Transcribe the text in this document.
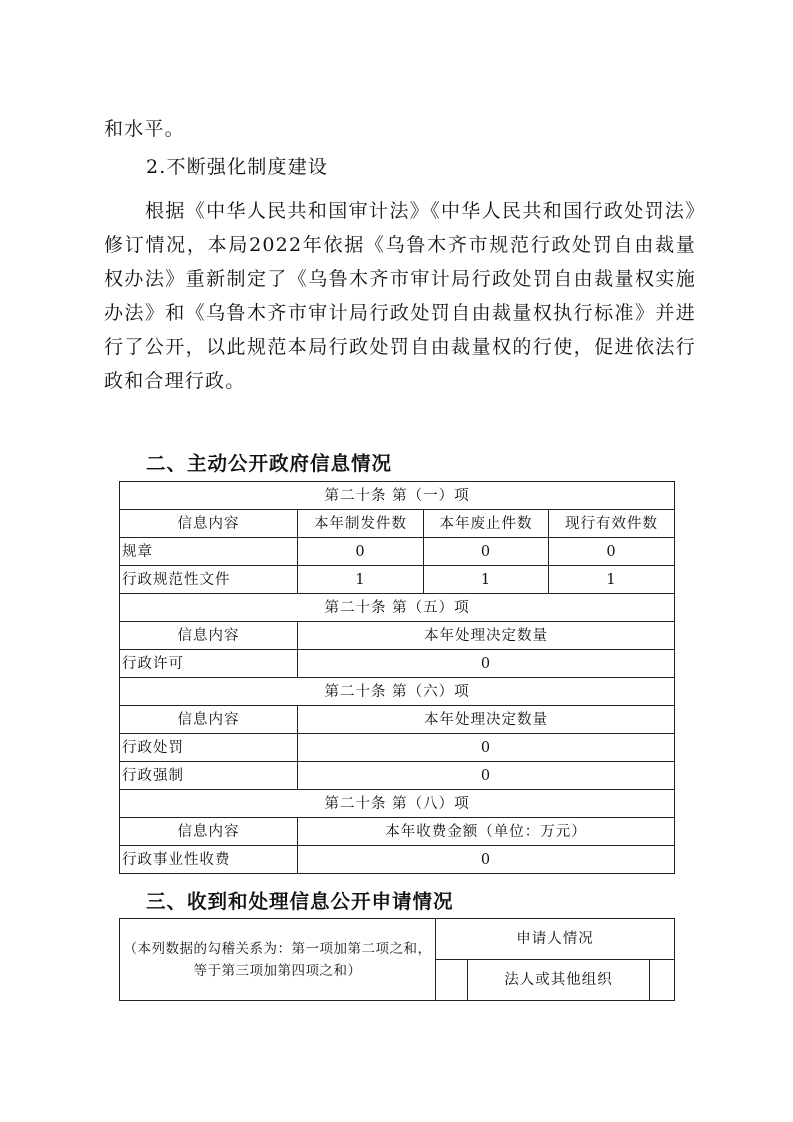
和水平。

2.不断强化制度建设

根据《中华人民共和国审计法》《中华人民共和国行政处罚法》修订情况，本局2022年依据《乌鲁木齐市规范行政处罚自由裁量权办法》重新制定了《乌鲁木齐市审计局行政处罚自由裁量权实施办法》和《乌鲁木齐市审计局行政处罚自由裁量权执行标准》并进行了公开，以此规范本局行政处罚自由裁量权的行使，促进依法行政和合理行政。

二、主动公开政府信息情况

第二十条 第（一）项			
信息内容	本年制发件数	本年废止件数	现行有效件数
规章	0	0	0
行政规范性文件	1	1	1
第二十条 第（五）项			
信息内容	本年处理决定数量		
行政许可	0		
第二十条 第（六）项			
信息内容	本年处理决定数量		
行政处罚	0		
行政强制	0		
第二十条 第（八）项			
信息内容	本年收费金额（单位：万元）		
行政事业性收费	0		

三、收到和处理信息公开申请情况

（本列数据的勾稽关系为：第一项加第二项之和，等于第三项加第四项之和）	申请人情况		
		法人或其他组织	
